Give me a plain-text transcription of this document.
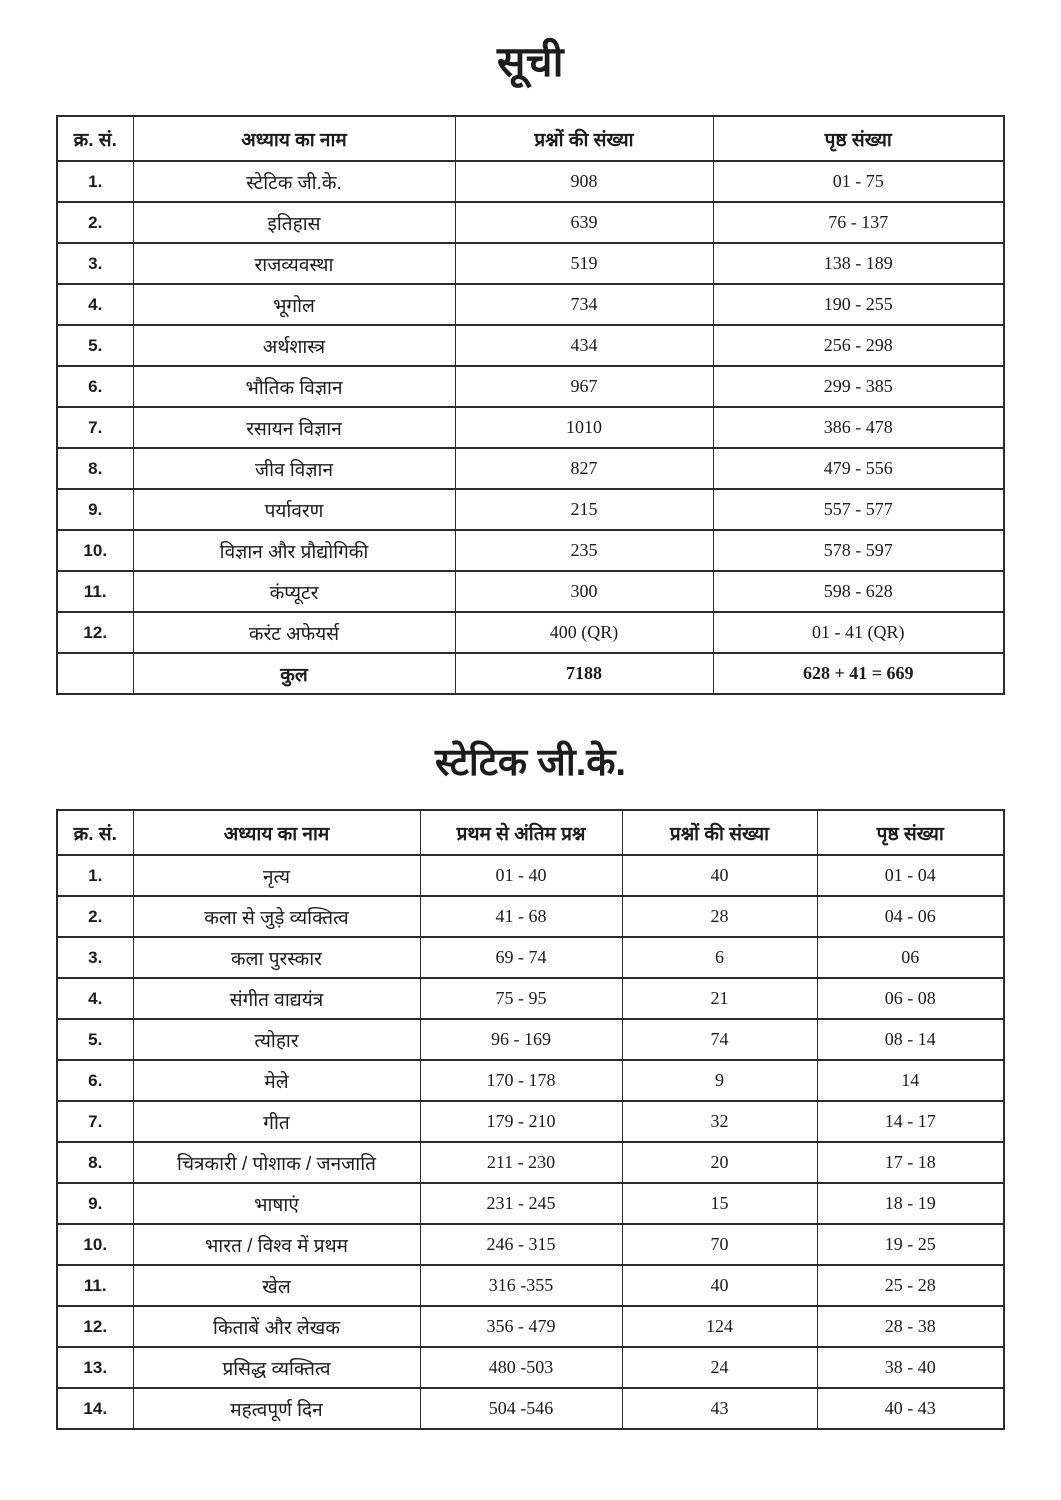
सूची
क्र. सं.	अध्याय का नाम	प्रश्नों की संख्या	पृष्ठ संख्या
1.	स्टेटिक जी.के.	908	01 - 75
2.	इतिहास	639	76 - 137
3.	राजव्यवस्था	519	138 - 189
4.	भूगोल	734	190 - 255
5.	अर्थशास्त्र	434	256 - 298
6.	भौतिक विज्ञान	967	299 - 385
7.	रसायन विज्ञान	1010	386 - 478
8.	जीव विज्ञान	827	479 - 556
9.	पर्यावरण	215	557 - 577
10.	विज्ञान और प्रौद्योगिकी	235	578 - 597
11.	कंप्यूटर	300	598 - 628
12.	करंट अफेयर्स	400 (QR)	01 - 41 (QR)
	कुल	7188	628 + 41 = 669
स्टेटिक जी.के.
क्र. सं.	अध्याय का नाम	प्रथम से अंतिम प्रश्न	प्रश्नों की संख्या	पृष्ठ संख्या
1.	नृत्य	01 - 40	40	01 - 04
2.	कला से जुड़े व्यक्तित्व	41 - 68	28	04 - 06
3.	कला पुरस्कार	69 - 74	6	06
4.	संगीत वाद्ययंत्र	75 - 95	21	06 - 08
5.	त्योहार	96 - 169	74	08 - 14
6.	मेले	170 - 178	9	14
7.	गीत	179 - 210	32	14 - 17
8.	चित्रकारी / पोशाक / जनजाति	211 - 230	20	17 - 18
9.	भाषाएं	231 - 245	15	18 - 19
10.	भारत / विश्व में प्रथम	246 - 315	70	19 - 25
11.	खेल	316 -355	40	25 - 28
12.	किताबें और लेखक	356 - 479	124	28 - 38
13.	प्रसिद्ध व्यक्तित्व	480 -503	24	38 - 40
14.	महत्वपूर्ण दिन	504 -546	43	40 - 43
